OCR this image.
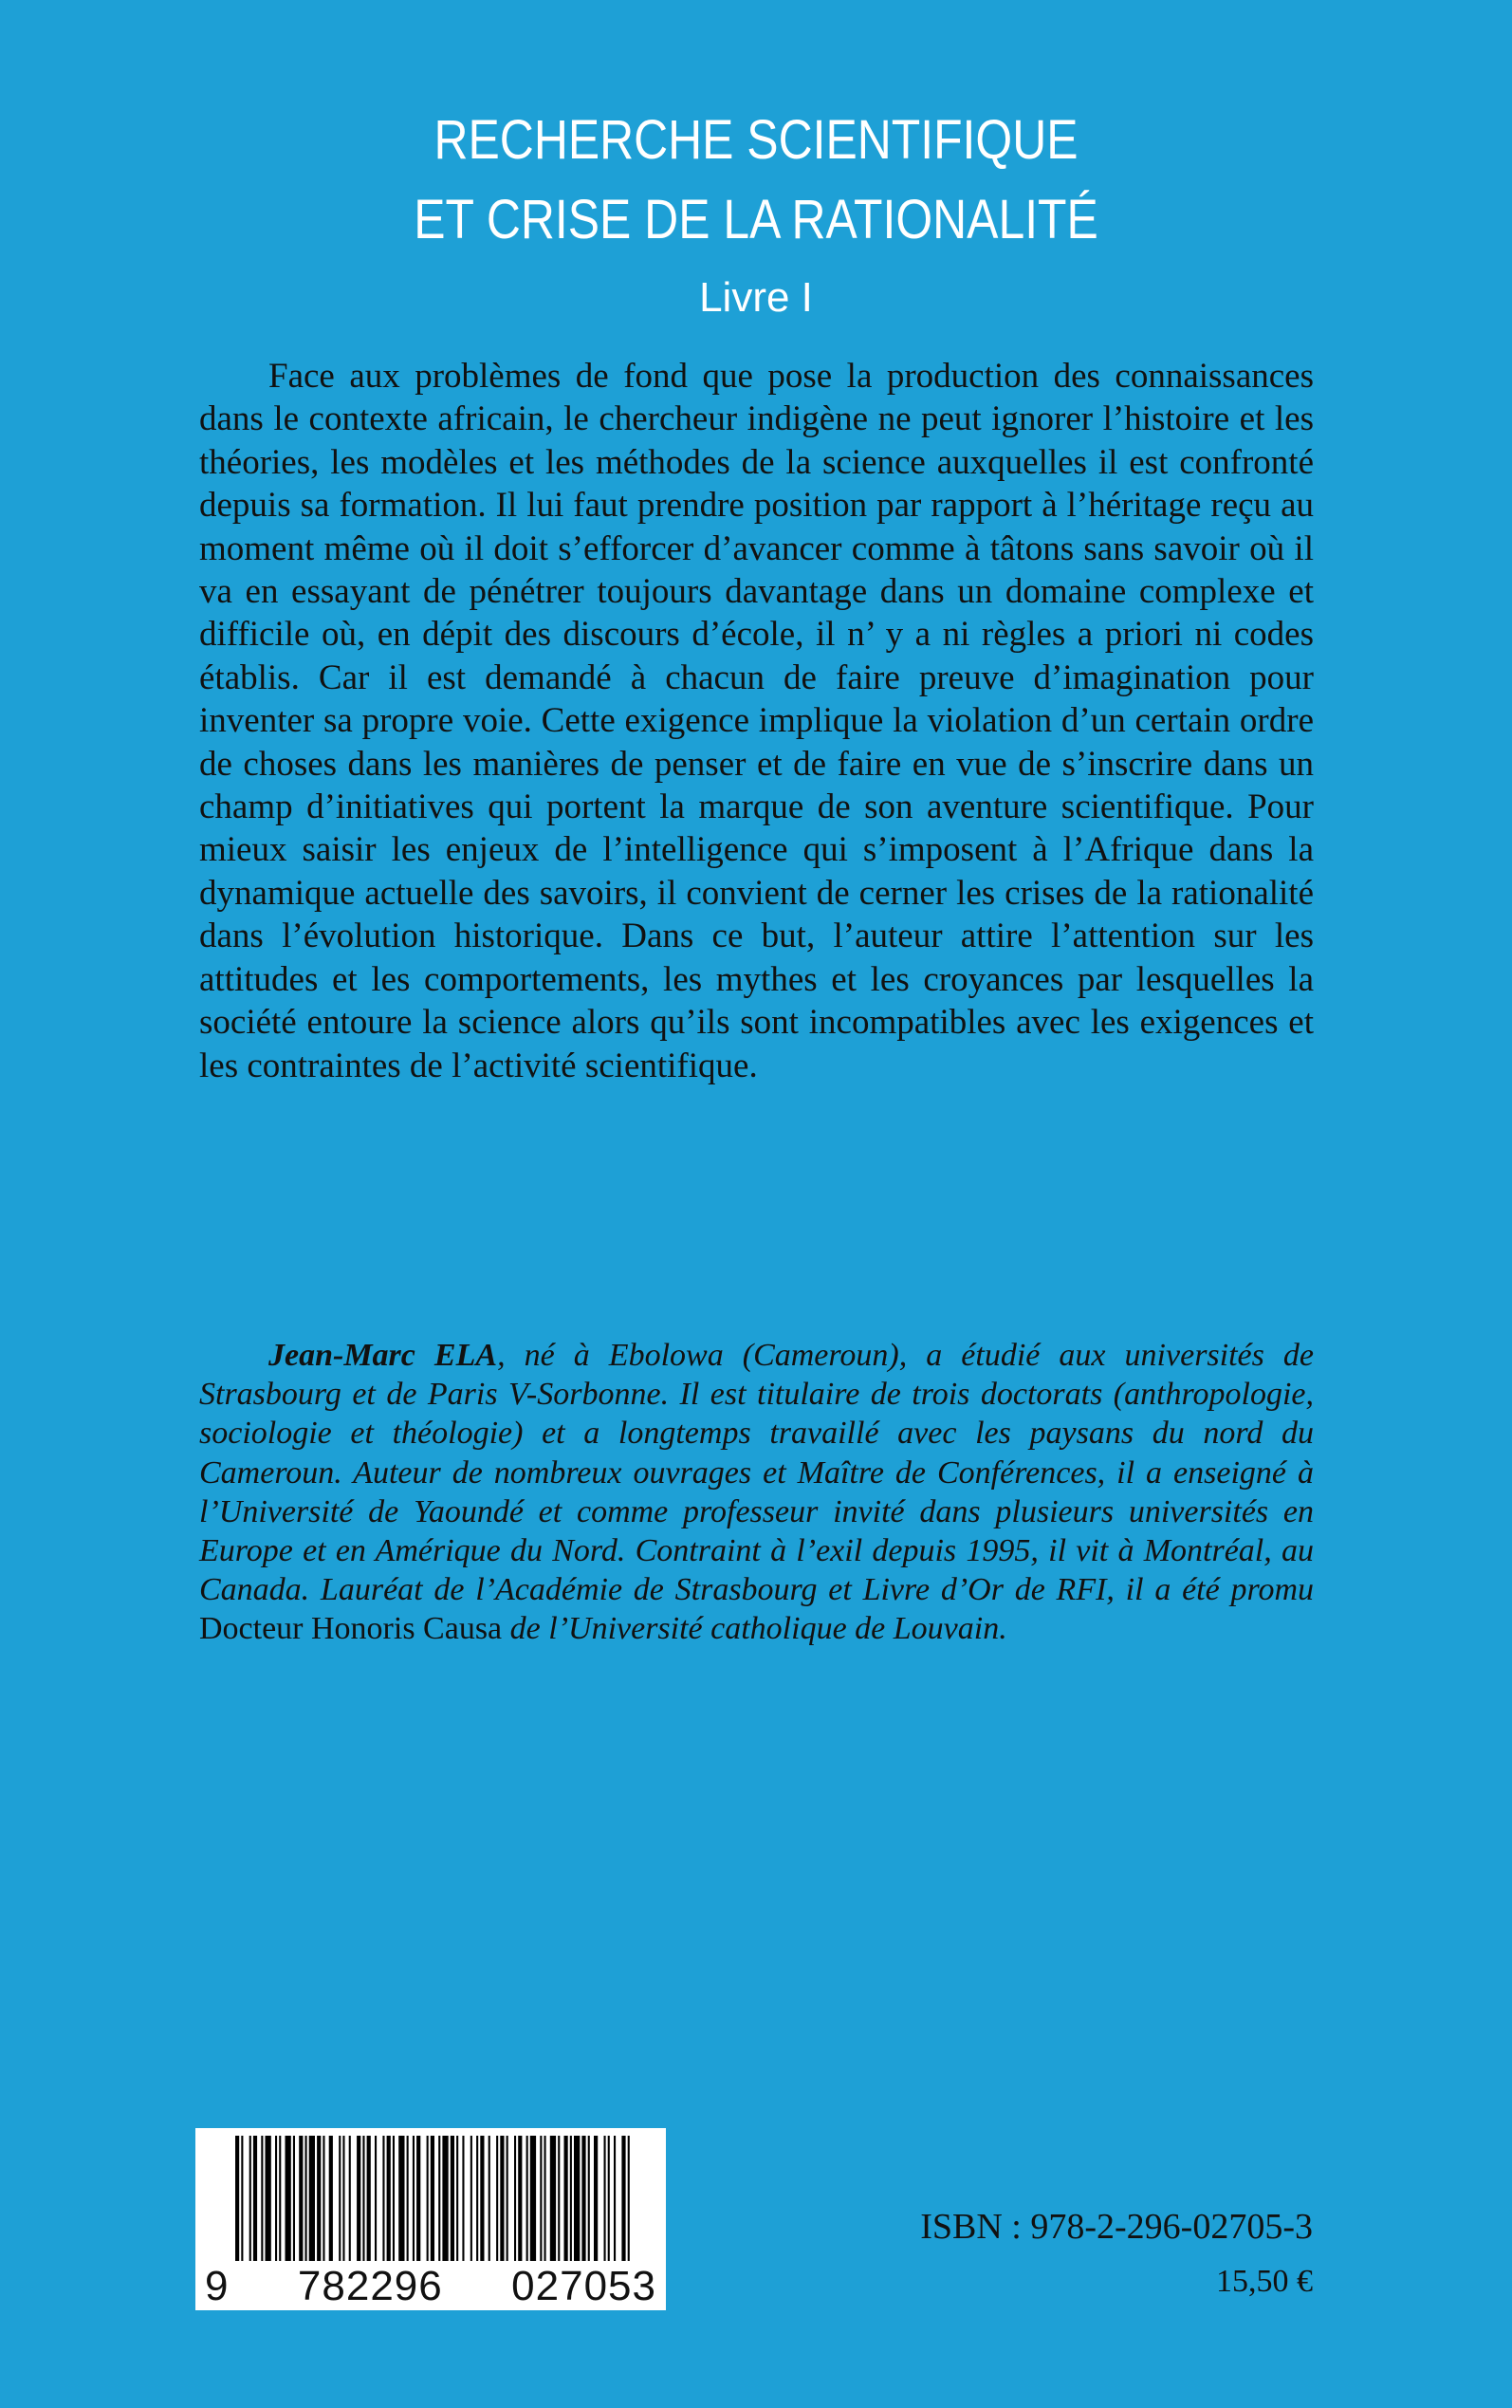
RECHERCHE SCIENTIFIQUE
ET CRISE DE LA RATIONALITÉ
Livre I

Face aux problèmes de fond que pose la production des connaissances dans le contexte africain, le chercheur indigène ne peut ignorer l’histoire et les théories, les modèles et les méthodes de la science auxquelles il est confronté depuis sa formation. Il lui faut prendre position par rapport à l’héritage reçu au moment même où il doit s’efforcer d’avancer comme à tâtons sans savoir où il va en essayant de pénétrer toujours davantage dans un domaine complexe et difficile où, en dépit des discours d’école, il n’ y a ni règles a priori ni codes établis. Car il est demandé à chacun de faire preuve d’imagination pour inventer sa propre voie. Cette exigence implique la violation d’un certain ordre de choses dans les manières de penser et de faire en vue de s’inscrire dans un champ d’initiatives qui portent la marque de son aventure scientifique. Pour mieux saisir les enjeux de l’intelligence qui s’imposent à l’Afrique dans la dynamique actuelle des savoirs, il convient de cerner les crises de la rationalité dans l’évolution historique. Dans ce but, l’auteur attire l’attention sur les attitudes et les comportements, les mythes et les croyances par lesquelles la société entoure la science alors qu’ils sont incompatibles avec les exigences et les contraintes de l’activité scientifique.

Jean-Marc ELA, né à Ebolowa (Cameroun), a étudié aux universités de Strasbourg et de Paris V-Sorbonne. Il est titulaire de trois doctorats (anthropologie, sociologie et théologie) et a longtemps travaillé avec les paysans du nord du Cameroun. Auteur de nombreux ouvrages et Maître de Conférences, il a enseigné à l’Université de Yaoundé et comme professeur invité dans plusieurs universités en Europe et en Amérique du Nord. Contraint à l’exil depuis 1995, il vit à Montréal, au Canada. Lauréat de l’Académie de Strasbourg et Livre d’Or de RFI, il a été promu Docteur Honoris Causa de l’Université catholique de Louvain.

9 782296 027053
ISBN : 978-2-296-02705-3
15,50 €
